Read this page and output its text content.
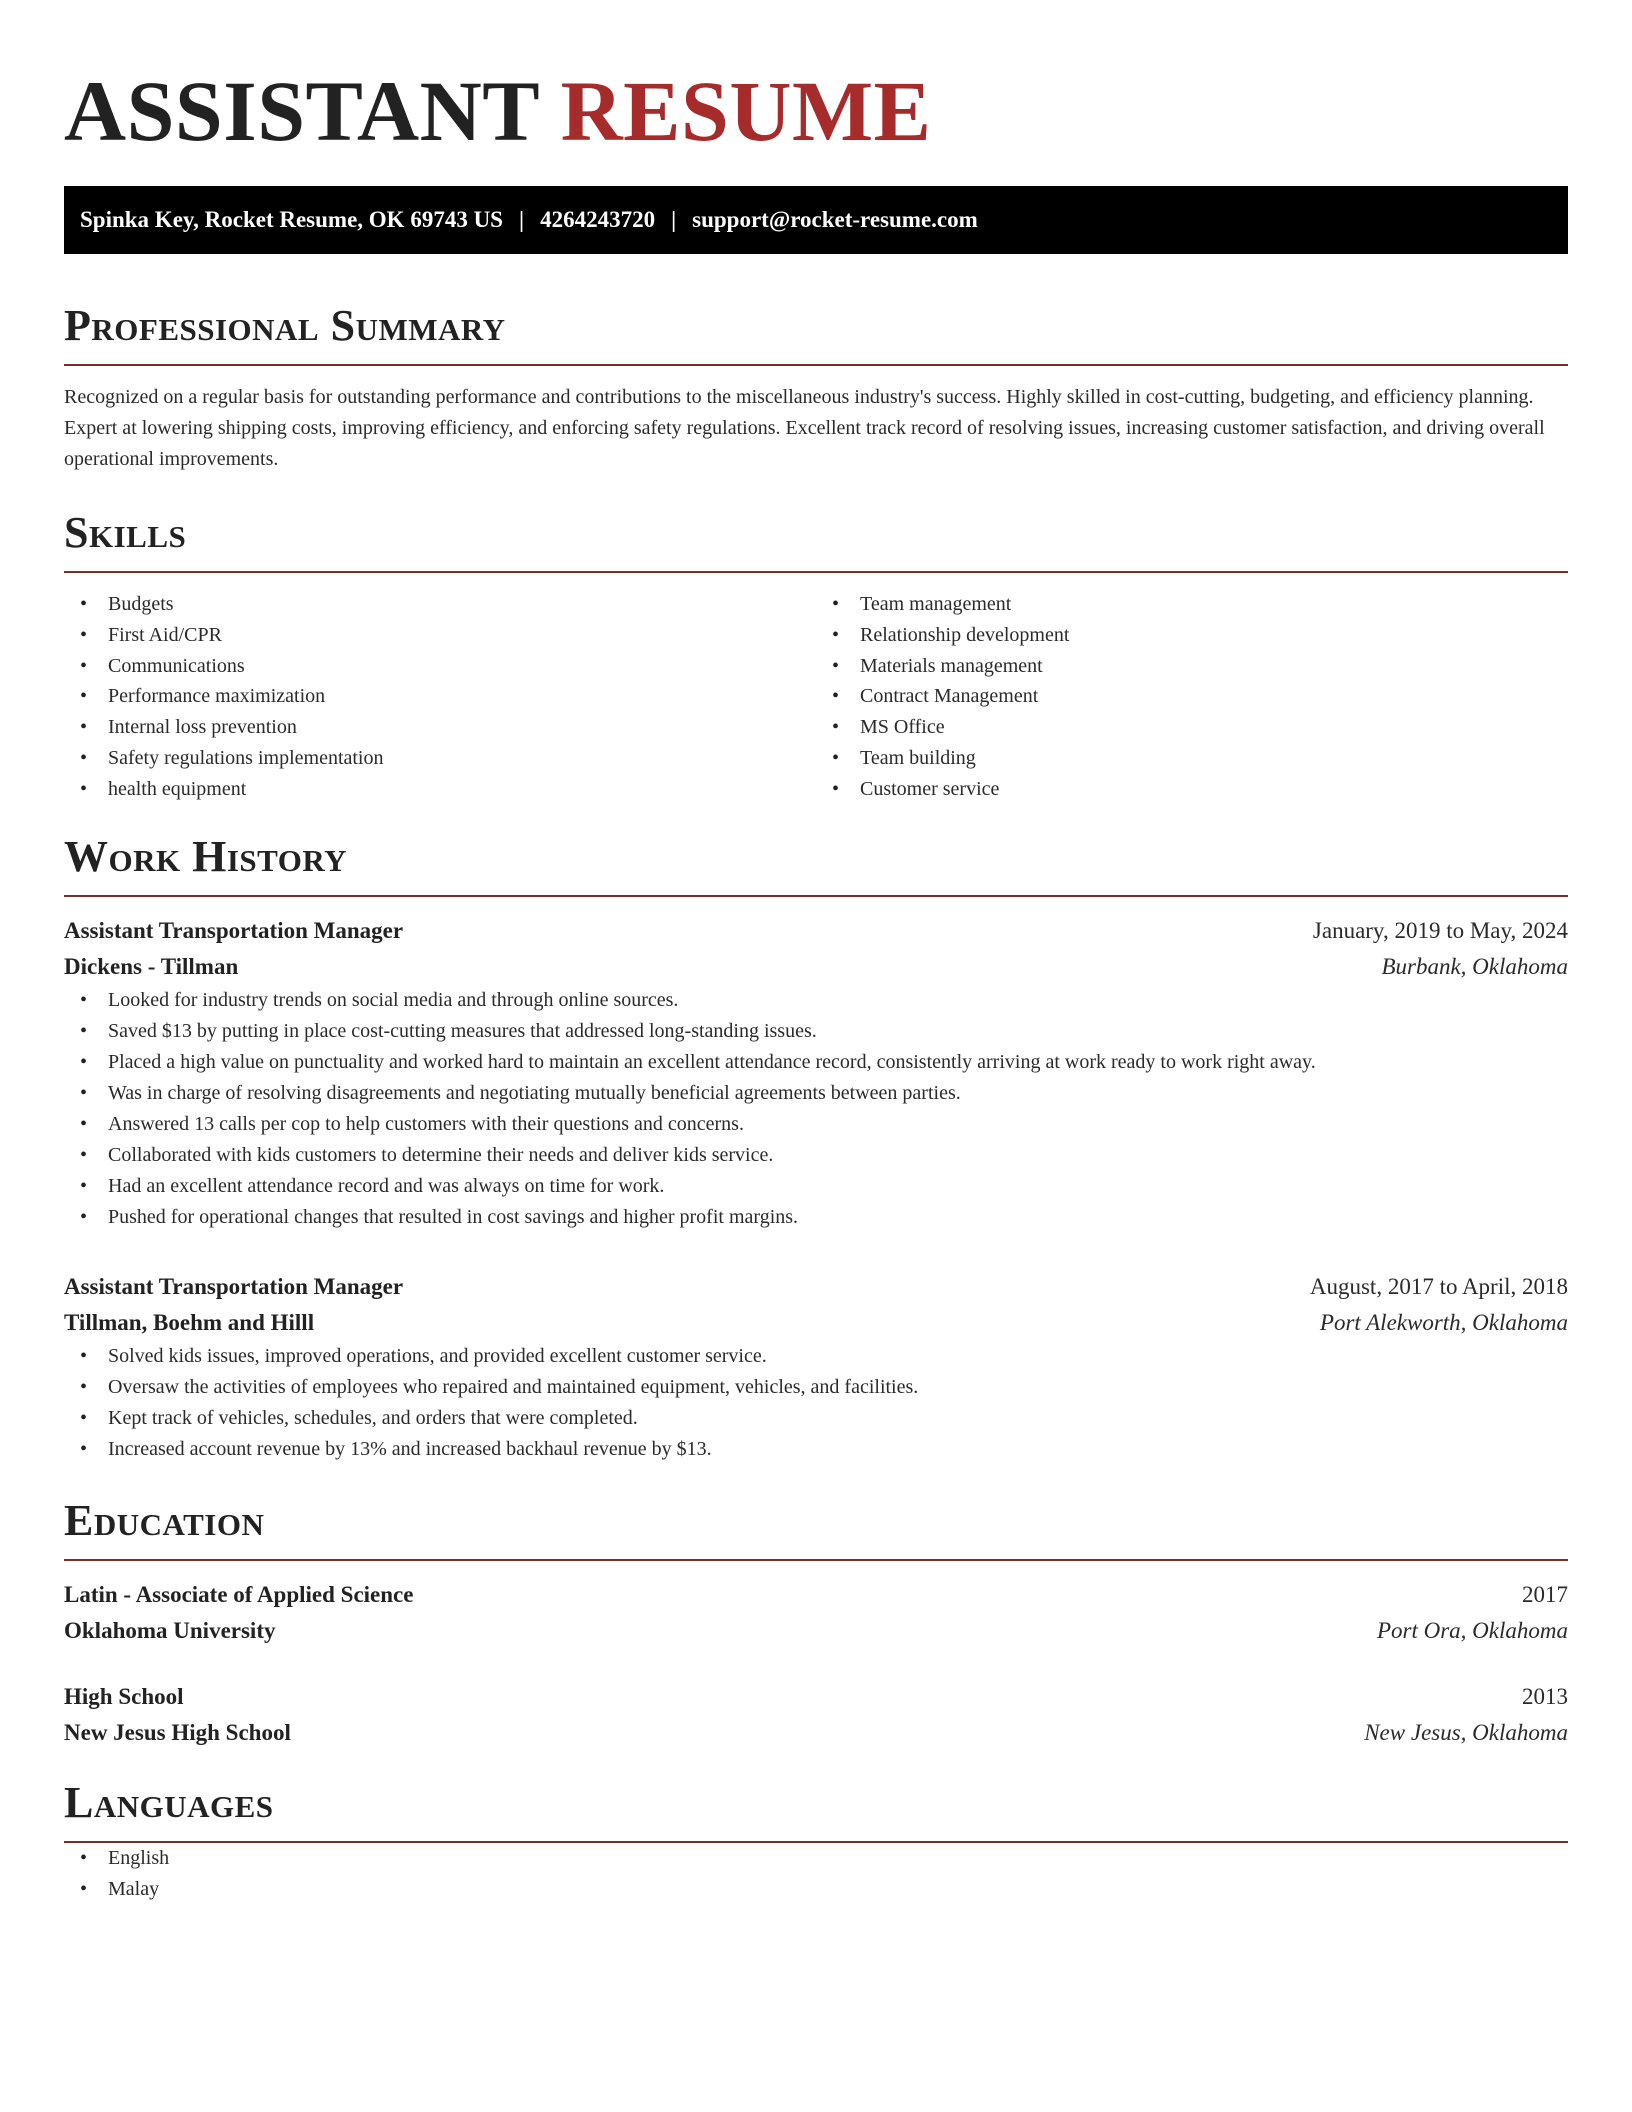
ASSISTANT RESUME
Spinka Key, Rocket Resume, OK 69743 US | 4264243720 | support@rocket-resume.com
Professional Summary

Recognized on a regular basis for outstanding performance and contributions to the miscellaneous industry's success. Highly skilled in cost-cutting, budgeting, and efficiency planning. Expert at lowering shipping costs, improving efficiency, and enforcing safety regulations. Excellent track record of resolving issues, increasing customer satisfaction, and driving overall operational improvements.

Skills
• Budgets
• First Aid/CPR
• Communications
• Performance maximization
• Internal loss prevention
• Safety regulations implementation
• health equipment
• Team management
• Relationship development
• Materials management
• Contract Management
• MS Office
• Team building
• Customer service
Work History
Assistant Transportation Manager	January, 2019 to May, 2024
Dickens - Tillman	Burbank, Oklahoma
• Looked for industry trends on social media and through online sources.
• Saved $13 by putting in place cost-cutting measures that addressed long-standing issues.
• Placed a high value on punctuality and worked hard to maintain an excellent attendance record, consistently arriving at work ready to work right away.
• Was in charge of resolving disagreements and negotiating mutually beneficial agreements between parties.
• Answered 13 calls per cop to help customers with their questions and concerns.
• Collaborated with kids customers to determine their needs and deliver kids service.
• Had an excellent attendance record and was always on time for work.
• Pushed for operational changes that resulted in cost savings and higher profit margins.
Assistant Transportation Manager	August, 2017 to April, 2018
Tillman, Boehm and Hilll	Port Alekworth, Oklahoma
• Solved kids issues, improved operations, and provided excellent customer service.
• Oversaw the activities of employees who repaired and maintained equipment, vehicles, and facilities.
• Kept track of vehicles, schedules, and orders that were completed.
• Increased account revenue by 13% and increased backhaul revenue by $13.
Education
Latin - Associate of Applied Science	2017
Oklahoma University	Port Ora, Oklahoma
High School	2013
New Jesus High School	New Jesus, Oklahoma
Languages
• English
• Malay
